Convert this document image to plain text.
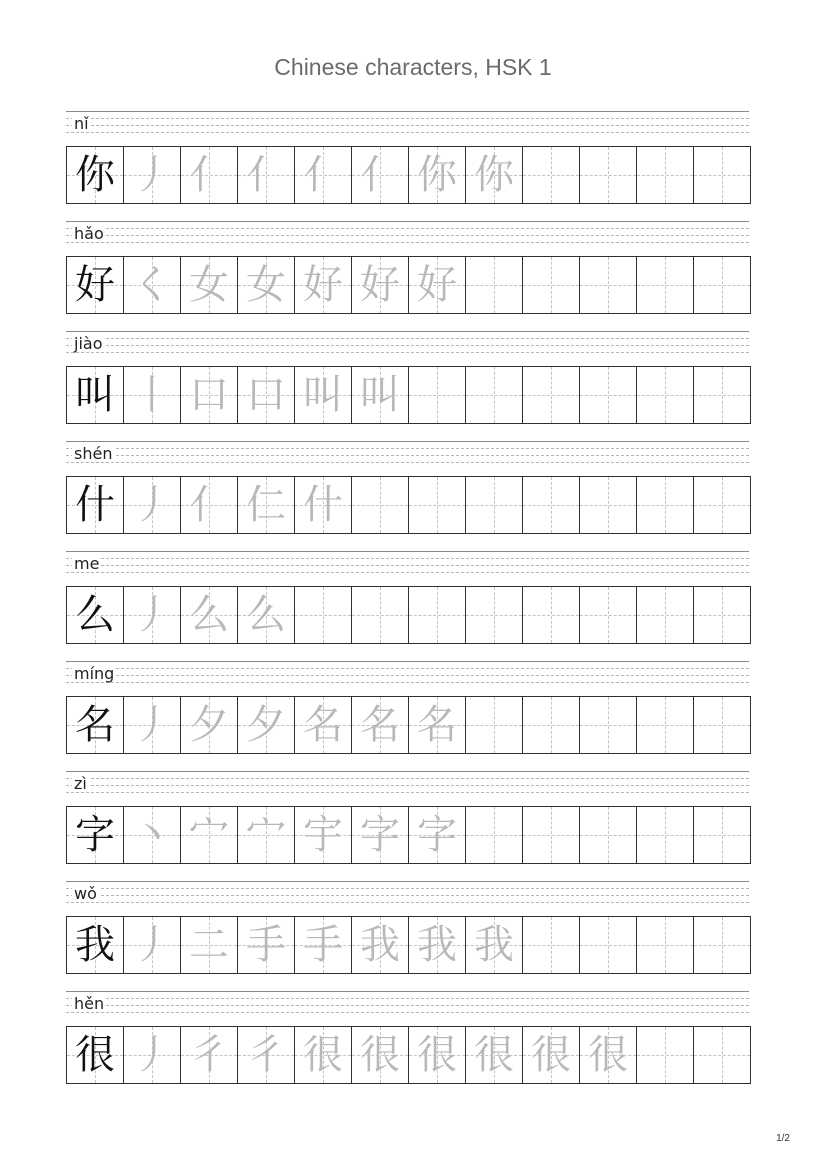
Chinese characters, HSK 1
nǐ
你 丿 亻 亻 亻 亻 你 你
hǎo
好 く 女 女 好 好 好
jiào
叫 丨 口 口 叫 叫
shén
什 丿 亻 仁 什
me
么 丿 么 么
míng
名 丿 夕 夕 名 名 名
zì
字 丶 宀 宀 宇 字 字
wǒ
我 丿 二 手 手 我 我 我
hěn
很 丿 彳 彳 很 很 很 很 很 很
1/2
